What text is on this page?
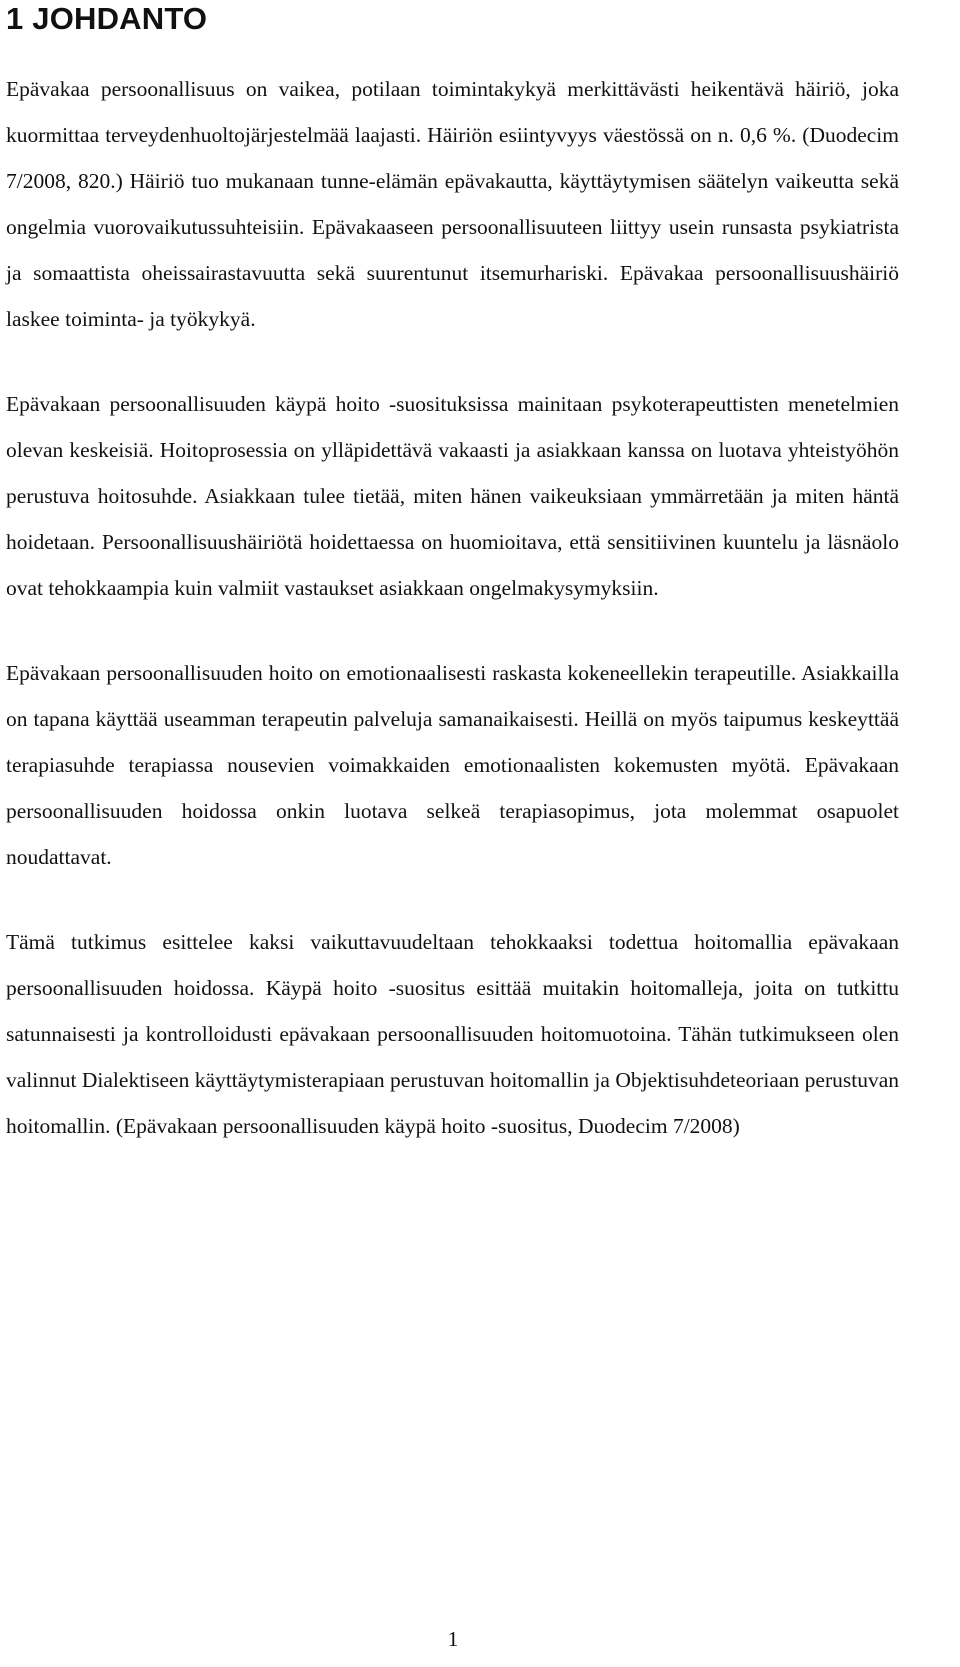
1 JOHDANTO

Epävakaa persoonallisuus on vaikea, potilaan toimintakykyä merkittävästi heikentävä häiriö, joka kuormittaa terveydenhuoltojärjestelmää laajasti. Häiriön esiintyvyys väestössä on n. 0,6 %. (Duodecim 7/2008, 820.) Häiriö tuo mukanaan tunne-elämän epävakautta, käyttäytymisen säätelyn vaikeutta sekä ongelmia vuorovaikutussuhteisiin. Epävakaaseen persoonallisuuteen liittyy usein runsasta psykiatrista ja somaattista oheissairastavuutta sekä suurentunut itsemurhariski. Epävakaa persoonallisuushäiriö laskee toiminta- ja työkykyä.

Epävakaan persoonallisuuden käypä hoito -suosituksissa mainitaan psykoterapeuttisten menetelmien olevan keskeisiä. Hoitoprosessia on ylläpidettävä vakaasti ja asiakkaan kanssa on luotava yhteistyöhön perustuva hoitosuhde. Asiakkaan tulee tietää, miten hänen vaikeuksiaan ymmärretään ja miten häntä hoidetaan. Persoonallisuushäiriötä hoidettaessa on huomioitava, että sensitiivinen kuuntelu ja läsnäolo ovat tehokkaampia kuin valmiit vastaukset asiakkaan ongelmakysymyksiin.

Epävakaan persoonallisuuden hoito on emotionaalisesti raskasta kokeneellekin terapeutille. Asiakkailla on tapana käyttää useamman terapeutin palveluja samanaikaisesti. Heillä on myös taipumus keskeyttää terapiasuhde terapiassa nousevien voimakkaiden emotionaalisten kokemusten myötä. Epävakaan persoonallisuuden hoidossa onkin luotava selkeä terapiasopimus, jota molemmat osapuolet noudattavat.

Tämä tutkimus esittelee kaksi vaikuttavuudeltaan tehokkaaksi todettua hoitomallia epävakaan persoonallisuuden hoidossa. Käypä hoito -suositus esittää muitakin hoitomalleja, joita on tutkittu satunnaisesti ja kontrolloidusti epävakaan persoonallisuuden hoitomuotoina. Tähän tutkimukseen olen valinnut Dialektiseen käyttäytymisterapiaan perustuvan hoitomallin ja Objektisuhdeteoriaan perustuvan hoitomallin. (Epävakaan persoonallisuuden käypä hoito -suositus, Duodecim 7/2008)

1
